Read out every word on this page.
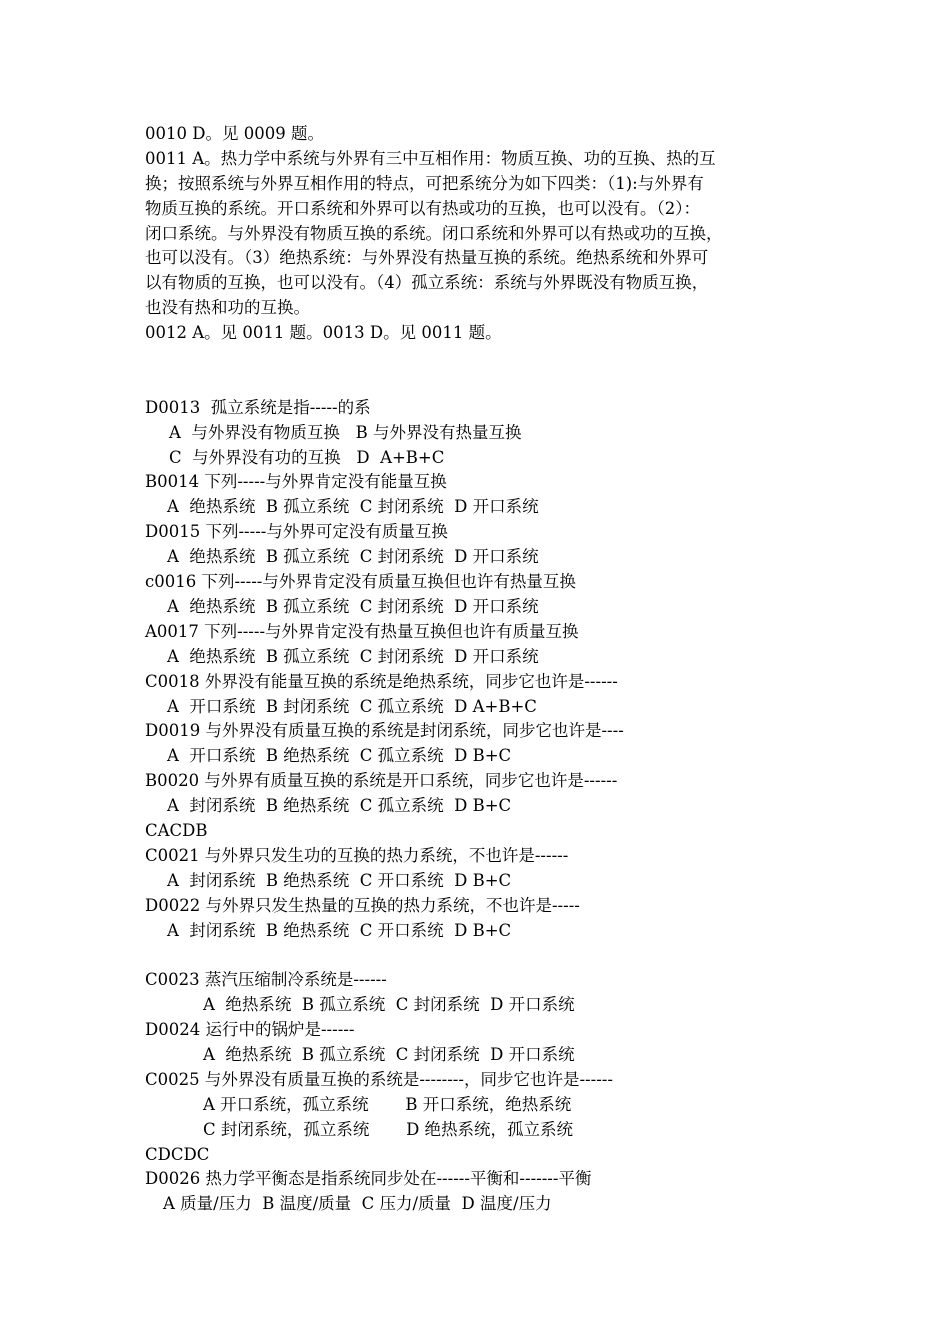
0010 D。见 0009 题。

0011 A。热力学中系统与外界有三中互相作用：物质互换、功的互换、热的互
换；按照系统与外界互相作用的特点，可把系统分为如下四类：（1):与外界有
物质互换的系统。开口系统和外界可以有热或功的互换，也可以没有。（2）：
闭口系统。与外界没有物质互换的系统。闭口系统和外界可以有热或功的互换，
也可以没有。（3）绝热系统：与外界没有热量互换的系统。绝热系统和外界可
以有物质的互换，也可以没有。（4）孤立系统：系统与外界既没有物质互换，
也没有热和功的互换。

0012 A。见 0011 题。0013 D。见 0011 题。

D0013  孤立系统是指-----的系

A  与外界没有物质互换   B 与外界没有热量互换

C  与外界没有功的互换   D  A+B+C

B0014 下列-----与外界肯定没有能量互换

A  绝热系统  B 孤立系统  C 封闭系统  D 开口系统

D0015 下列-----与外界可定没有质量互换

A  绝热系统  B 孤立系统  C 封闭系统  D 开口系统

c0016 下列-----与外界肯定没有质量互换但也许有热量互换

A  绝热系统  B 孤立系统  C 封闭系统  D 开口系统

A0017 下列-----与外界肯定没有热量互换但也许有质量互换

A  绝热系统  B 孤立系统  C 封闭系统  D 开口系统

C0018 外界没有能量互换的系统是绝热系统，同步它也许是------

A  开口系统  B 封闭系统  C 孤立系统  D A+B+C

D0019 与外界没有质量互换的系统是封闭系统，同步它也许是----

A  开口系统  B 绝热系统  C 孤立系统  D B+C

B0020 与外界有质量互换的系统是开口系统，同步它也许是------

A  封闭系统  B 绝热系统  C 孤立系统  D B+C

CACDB

C0021 与外界只发生功的互换的热力系统，不也许是------

A  封闭系统  B 绝热系统  C 开口系统  D B+C

D0022 与外界只发生热量的互换的热力系统，不也许是-----

A  封闭系统  B 绝热系统  C 开口系统  D B+C

C0023 蒸汽压缩制冷系统是------

A  绝热系统  B 孤立系统  C 封闭系统  D 开口系统

D0024 运行中的锅炉是------

A  绝热系统  B 孤立系统  C 封闭系统  D 开口系统

C0025 与外界没有质量互换的系统是--------，同步它也许是------

A 开口系统，孤立系统       B 开口系统，绝热系统

C 封闭系统，孤立系统       D 绝热系统，孤立系统

CDCDC

D0026 热力学平衡态是指系统同步处在------平衡和-------平衡

A 质量/压力  B 温度/质量  C 压力/质量  D 温度/压力
